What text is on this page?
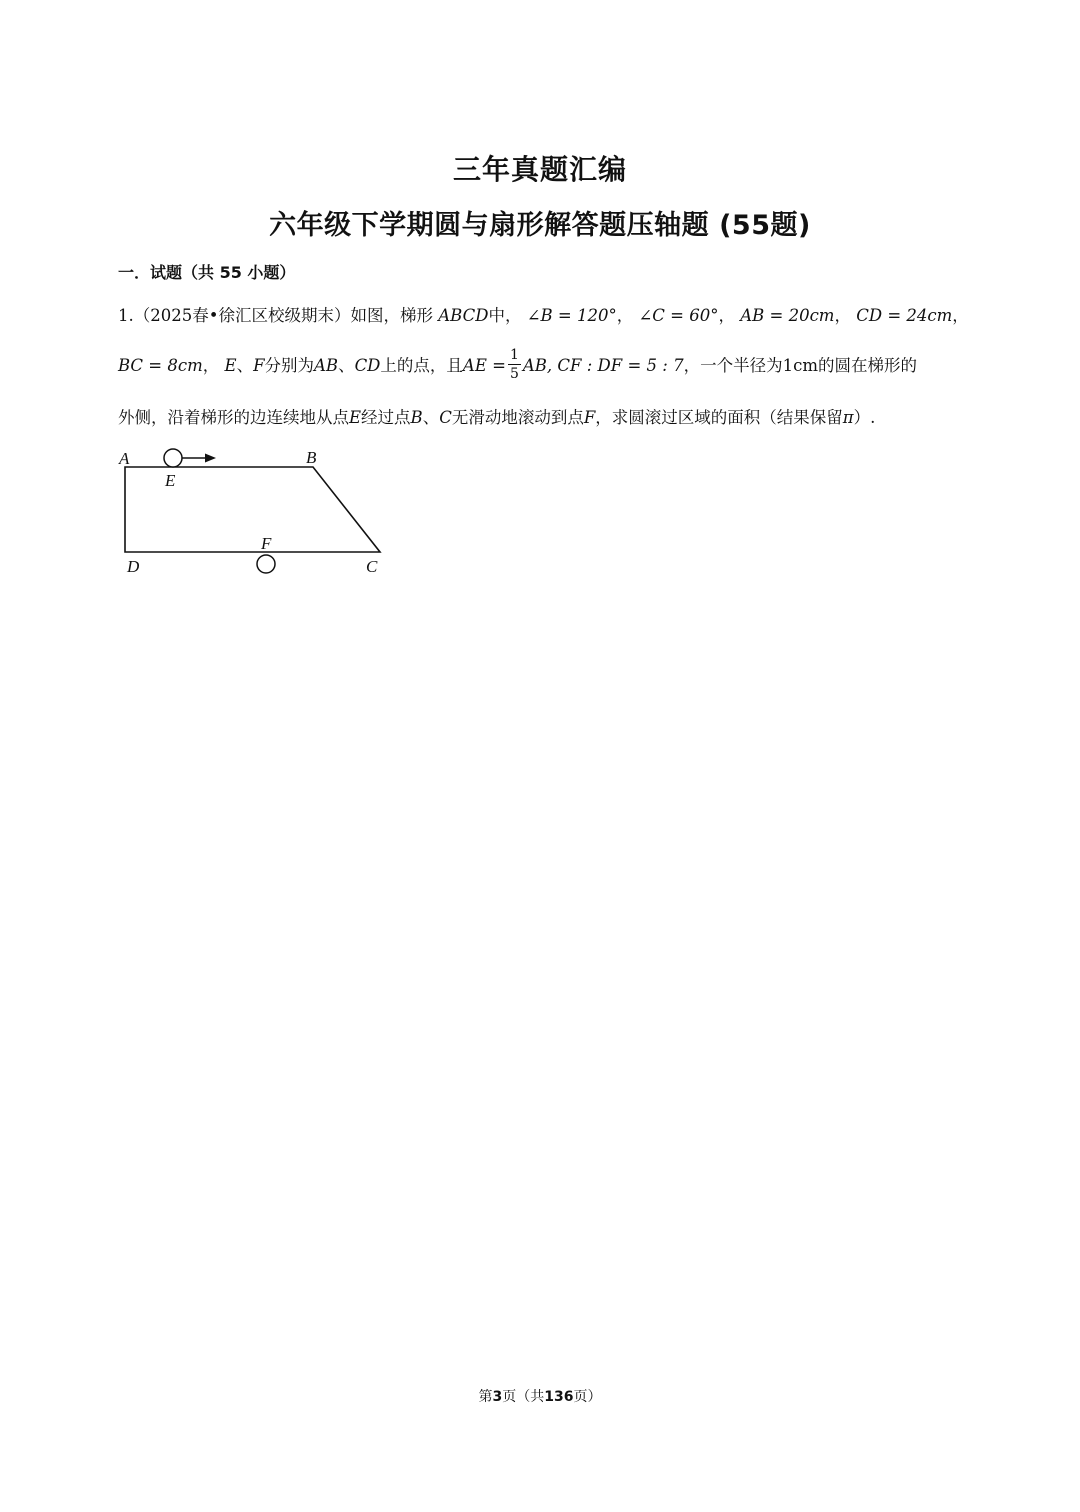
三年真题汇编
六年级下学期圆与扇形解答题压轴题 (55题)
一．试题（共 55 小题）
1.（2025春•徐汇区校级期末）如图，梯形 ABCD中， ∠B = 120°， ∠C = 60°， AB = 20cm， CD = 24cm，
BC = 8cm， E、F分别为AB、CD上的点，且AE = $\frac{1}{5}$ AB, CF : DF = 5 : 7，一个半径为1cm的圆在梯形的
外侧，沿着梯形的边连续地从点E经过点B、C无滑动地滚动到点F，求圆滚过区域的面积（结果保留π）.
A	B
C
D
E
F
第3页（共136页）
